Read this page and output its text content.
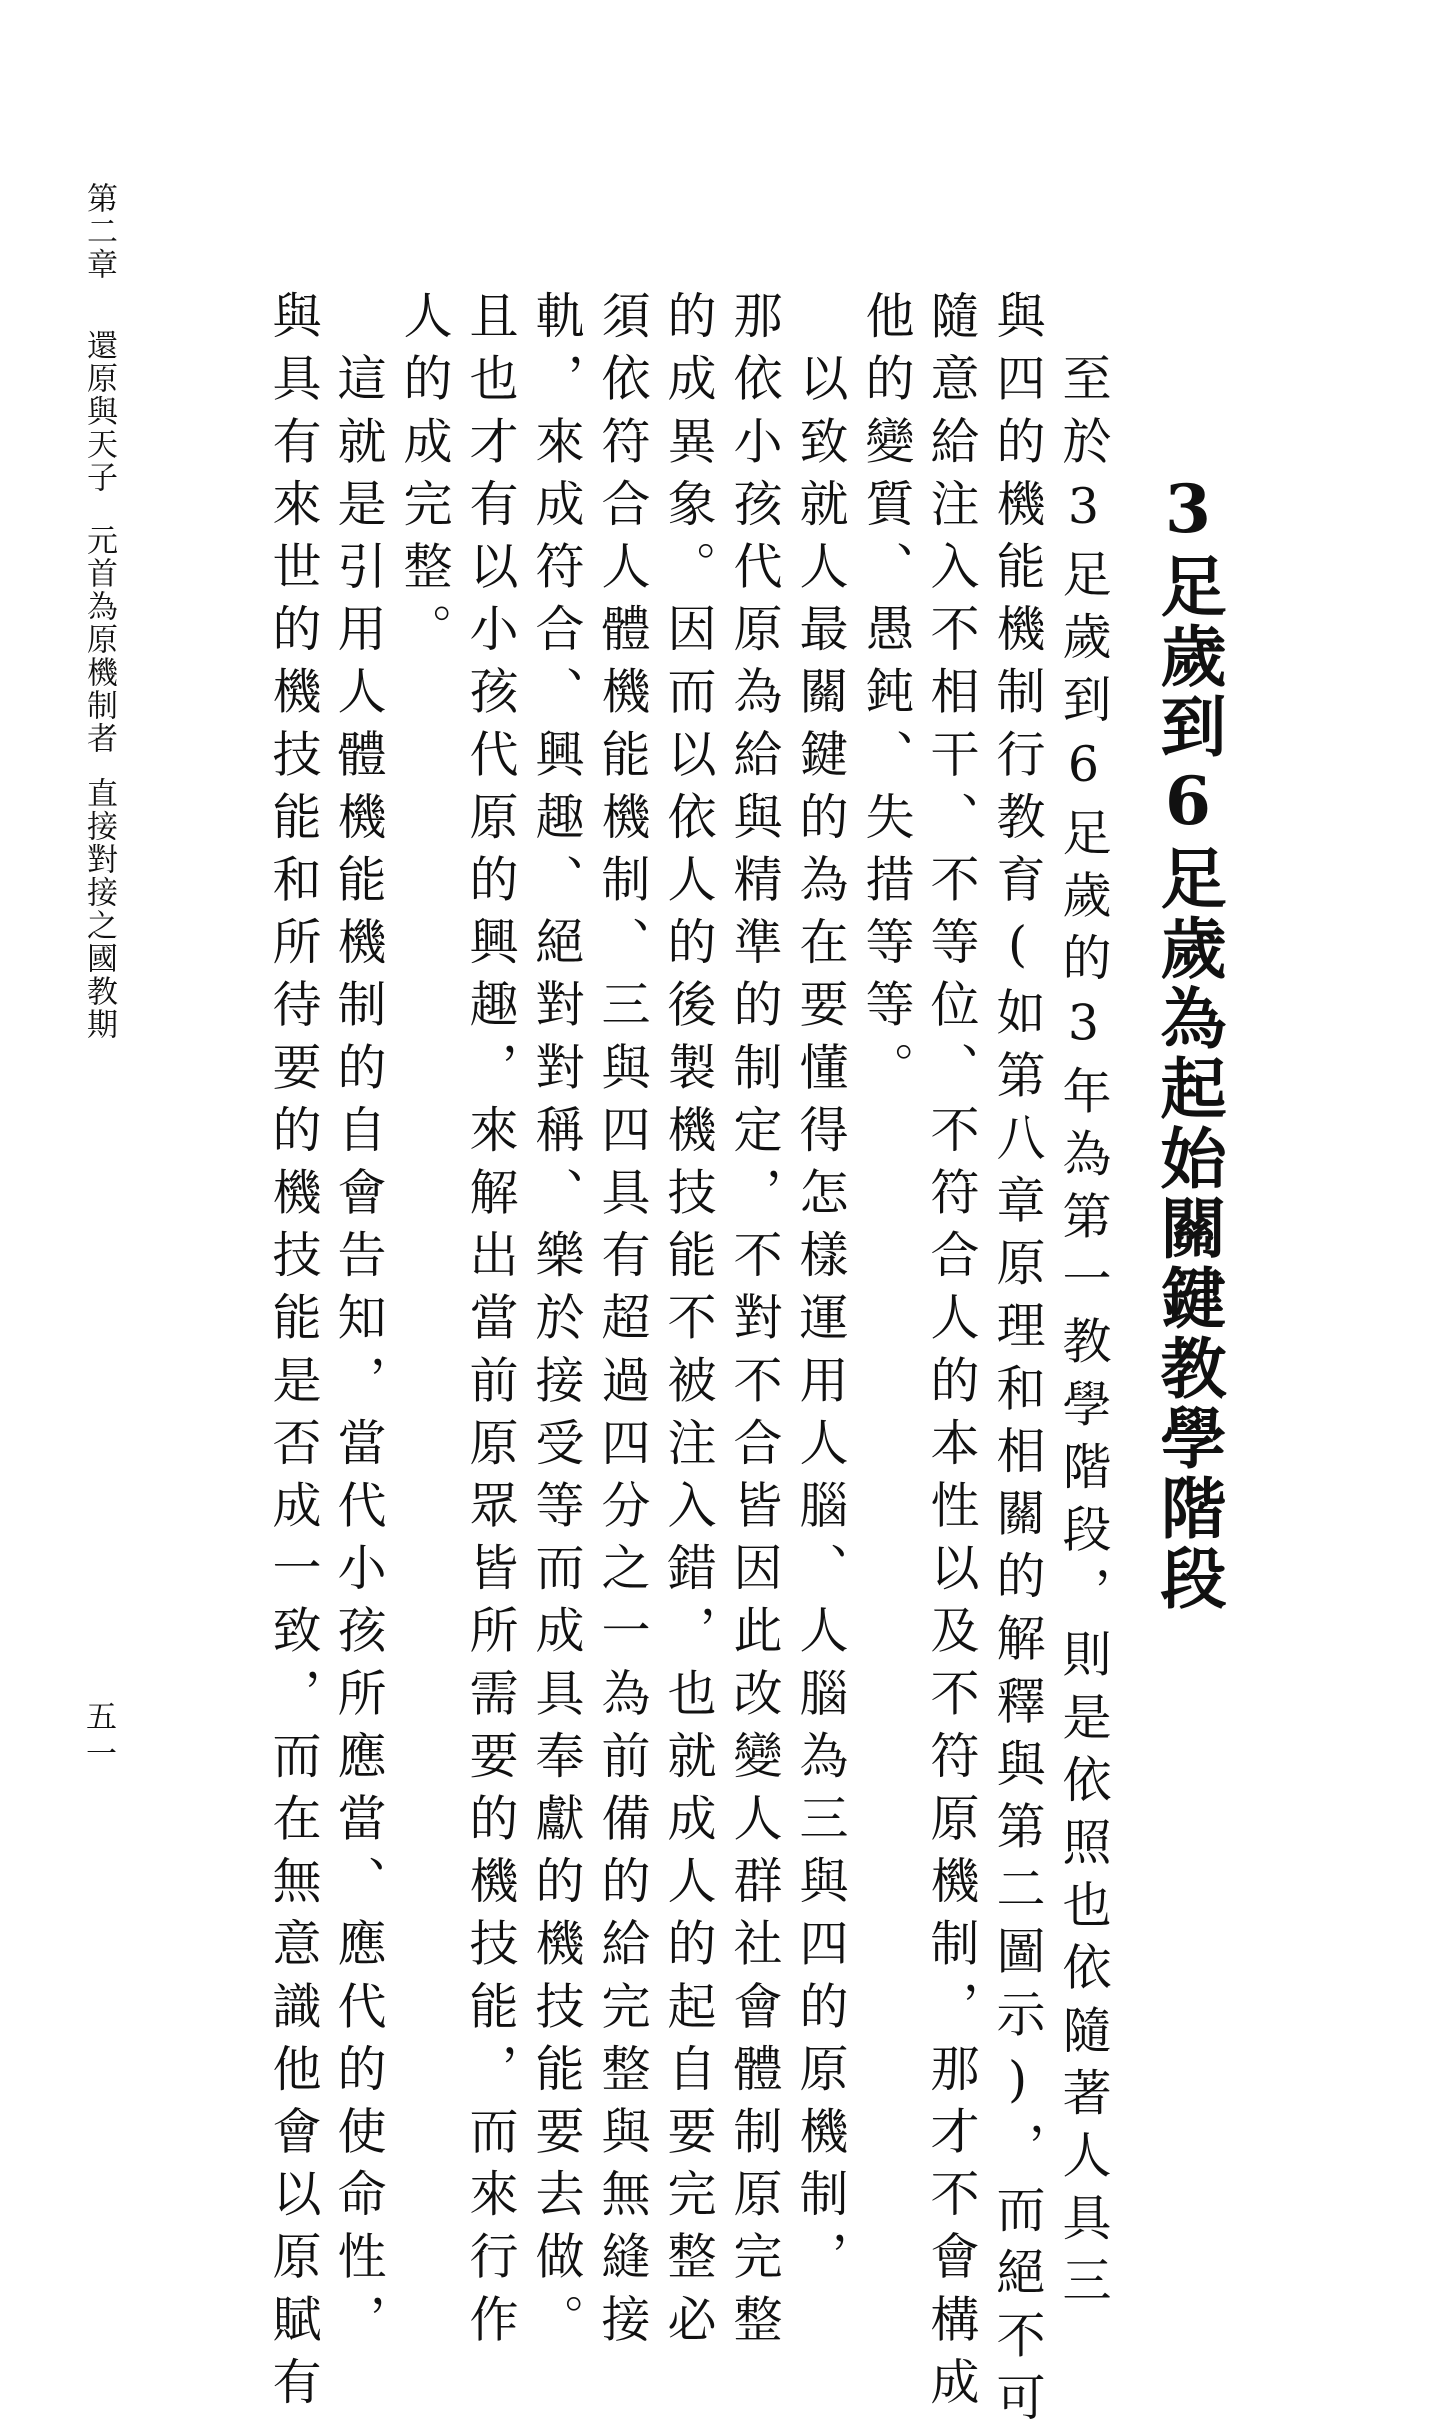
第二章還原與天子元首為原機制者直接對接之國教期
五一
3足歲到6足歲為起始關鍵教學階段

　至於3足歲到6足歲的3年為第一教學階段，則是依照也依隨著人具三

與四的機能機制行教育(如第八章原理和相關的解釋與第二圖示)，而絕不可

隨意給注入不相干、不等位、不符合人的本性以及不符原機制，那才不會構成

他的變質、愚鈍、失措等等。

　以致就人最關鍵的為在要懂得怎樣運用人腦、人腦為三與四的原機制，

那依小孩代原為給與精準的制定，不對不合皆因此改變人群社會體制原完整

的成異象。因而以依人的後製機技能不被注入錯，也就成人的起自要完整必

須依符合人體機能機制、三與四具有超過四分之一為前備的給完整與無縫接

軌，來成符合、興趣、絕對對稱、樂於接受等而成具奉獻的機技能要去做。

且也才有以小孩代原的興趣，來解出當前原眾皆所需要的機技能，而來行作

人的成完整。

　這就是引用人體機能機制的自會告知，當代小孩所應當、應代的使命性，

與具有來世的機技能和所待要的機技能是否成一致，而在無意識他會以原賦有
